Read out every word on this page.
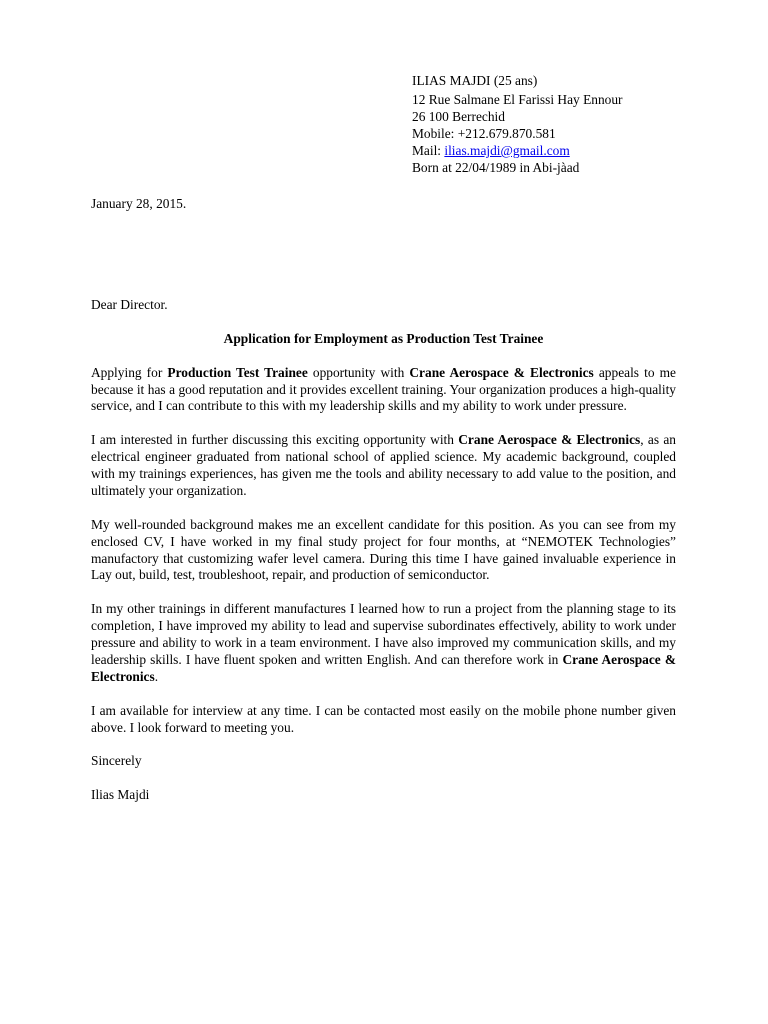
ILIAS MAJDI (25 ans)
12 Rue Salmane El Farissi Hay Ennour
26 100 Berrechid
Mobile: +212.679.870.581
Mail: ilias.majdi@gmail.com
Born at 22/04/1989 in Abi-jàad
January 28, 2015.

Dear Director.

Application for Employment as Production Test Trainee

Applying for Production Test Trainee opportunity with Crane Aerospace & Electronics appeals to me because it has a good reputation and it provides excellent training. Your organization produces a high-quality service, and I can contribute to this with my leadership skills and my ability to work under pressure.

I am interested in further discussing this exciting opportunity with Crane Aerospace & Electronics, as an electrical engineer graduated from national school of applied science. My academic background, coupled with my trainings experiences, has given me the tools and ability necessary to add value to the position, and ultimately your organization.

My well-rounded background makes me an excellent candidate for this position. As you can see from my enclosed CV, I have worked in my final study project for four months, at “NEMOTEK Technologies” manufactory that customizing wafer level camera. During this time I have gained invaluable experience in Lay out, build, test, troubleshoot, repair, and production of semiconductor.

In my other trainings in different manufactures I learned how to run a project from the planning stage to its completion, I have improved my ability to lead and supervise subordinates effectively, ability to work under pressure and ability to work in a team environment. I have also improved my communication skills, and my leadership skills. I have fluent spoken and written English. And can therefore work in Crane Aerospace & Electronics.

I am available for interview at any time. I can be contacted most easily on the mobile phone number given above. I look forward to meeting you.

Sincerely

Ilias Majdi
